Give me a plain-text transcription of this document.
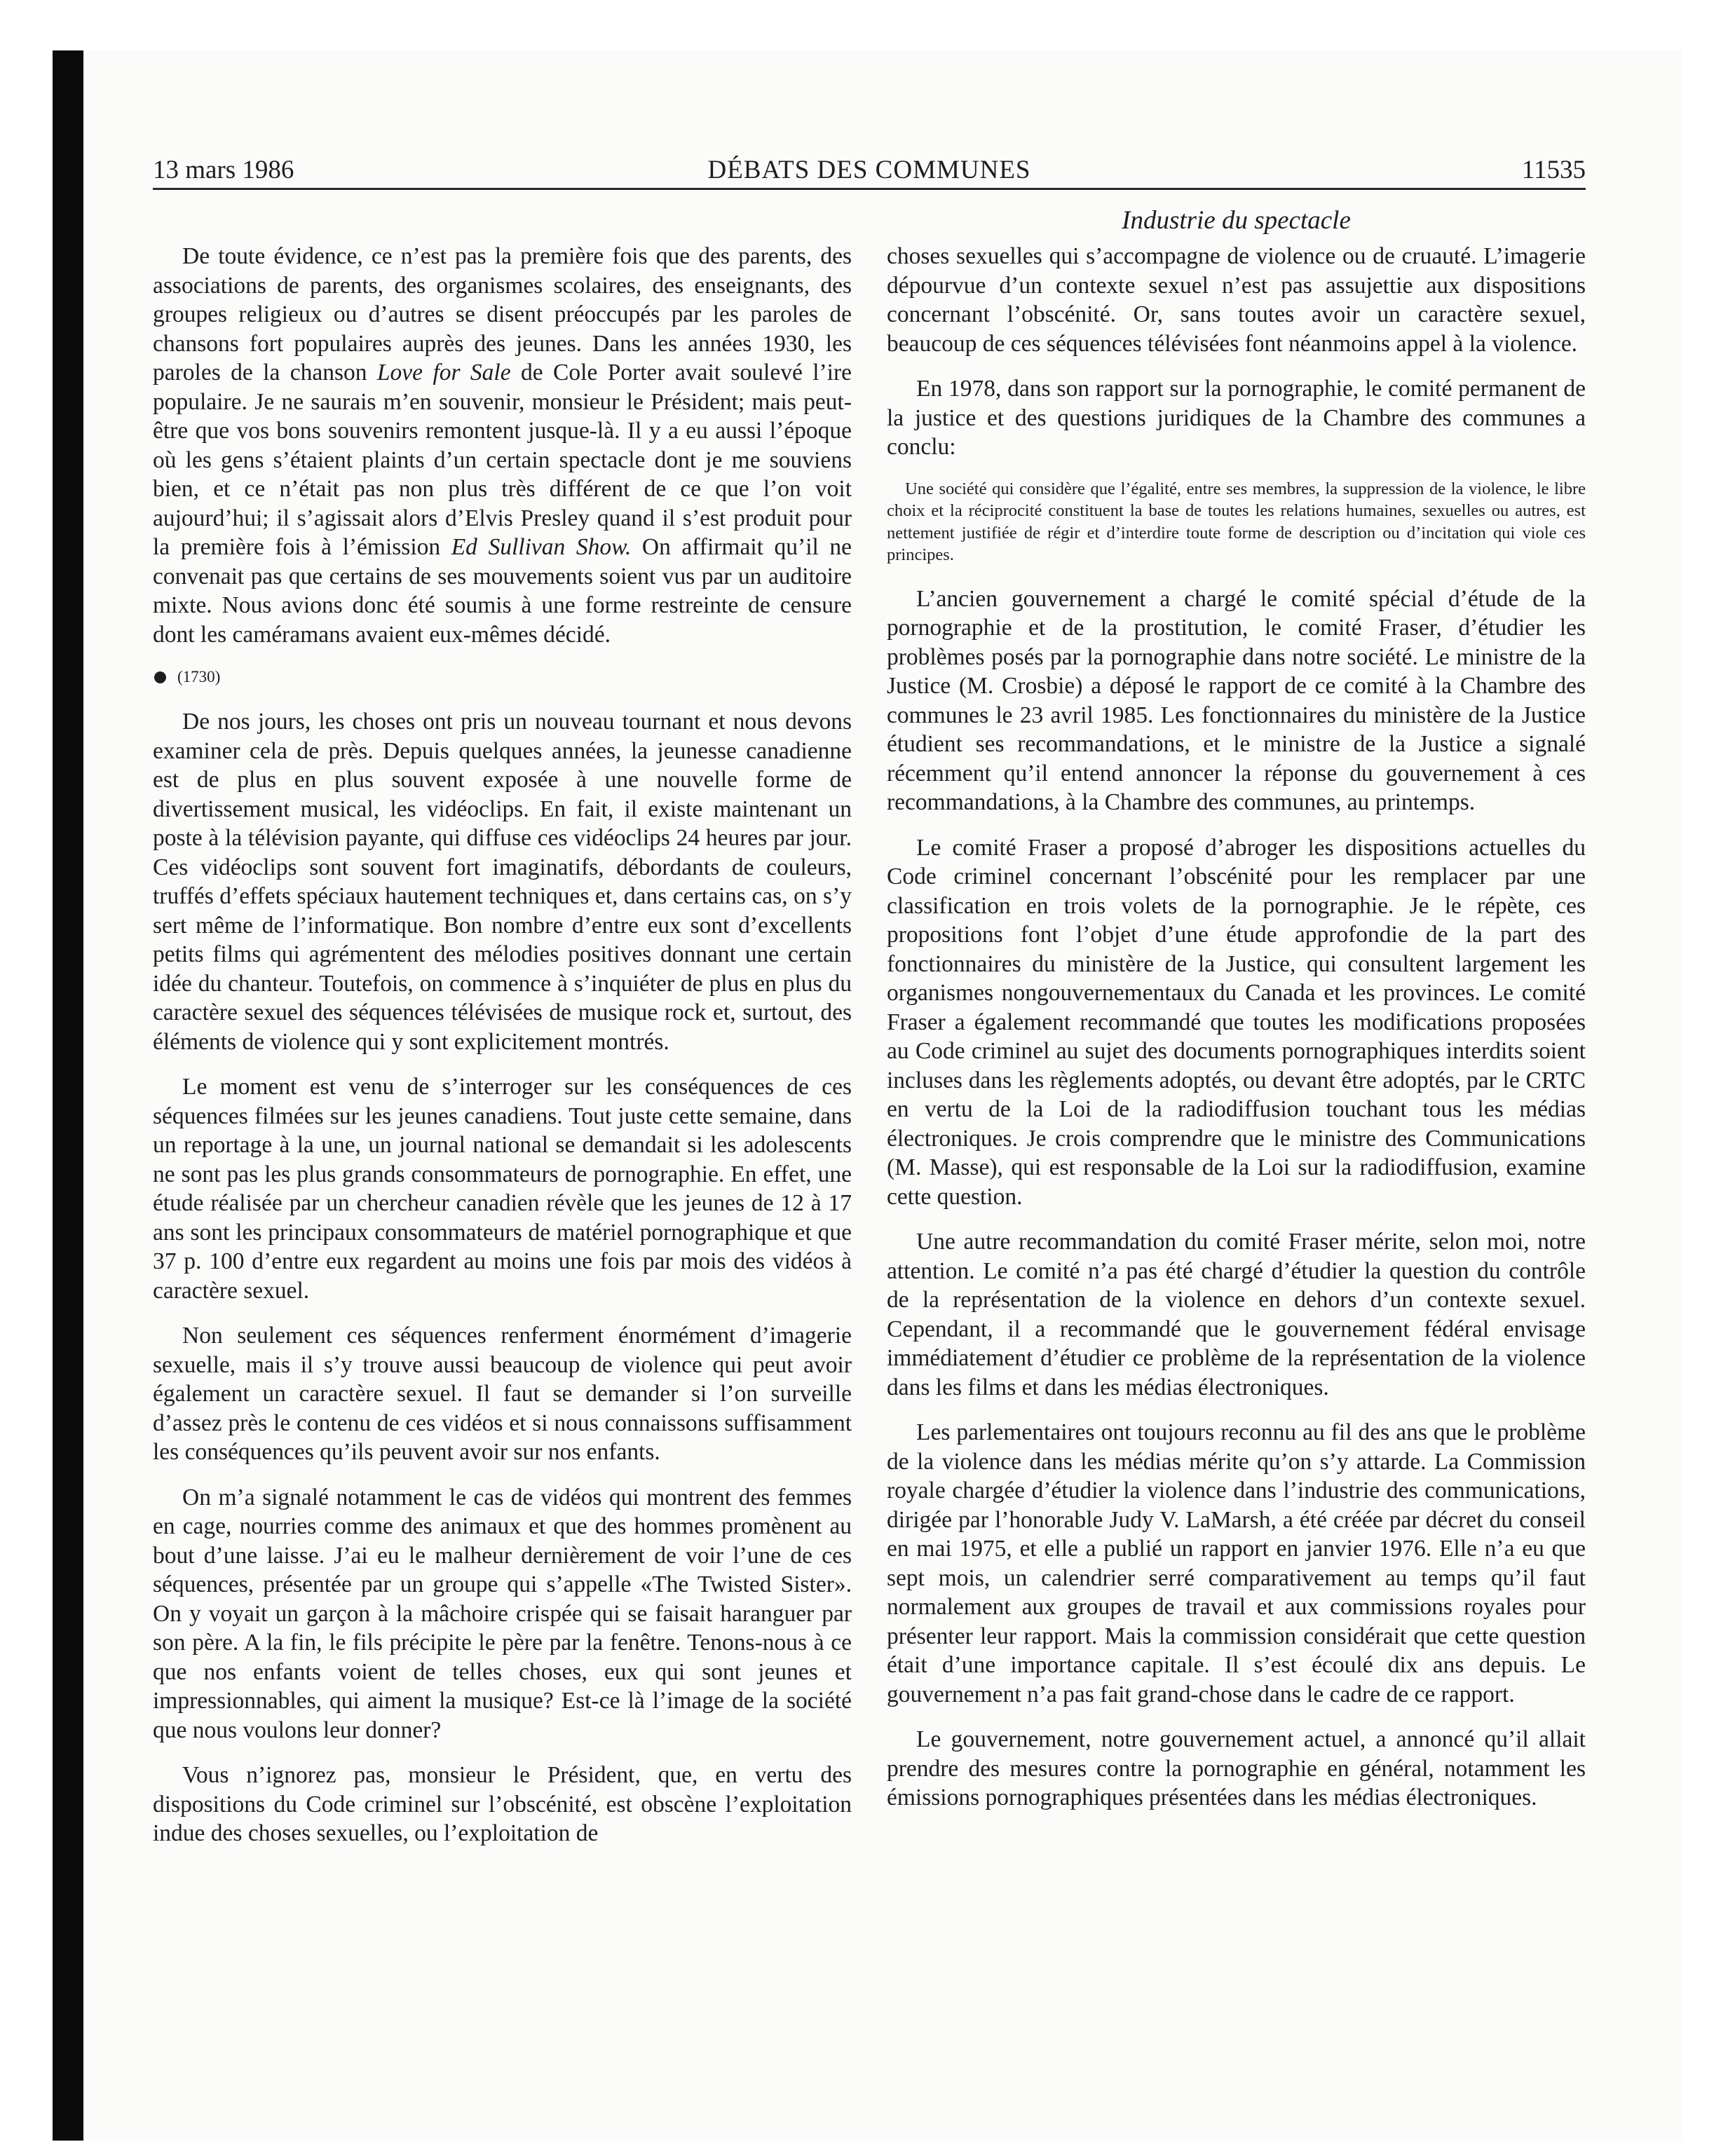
13 mars 1986	DÉBATS DES COMMUNES	11535
Industrie du spectacle

De toute évidence, ce n’est pas la première fois que des parents, des associations de parents, des organismes scolaires, des enseignants, des groupes religieux ou d’autres se disent préoccupés par les paroles de chansons fort populaires auprès des jeunes. Dans les années 1930, les paroles de la chanson Love for Sale de Cole Porter avait soulevé l’ire populaire. Je ne saurais m’en souvenir, monsieur le Président; mais peut-être que vos bons souvenirs remontent jusque-là. Il y a eu aussi l’époque où les gens s’étaient plaints d’un certain spectacle dont je me souviens bien, et ce n’était pas non plus très différent de ce que l’on voit aujourd’hui; il s’agissait alors d’Elvis Presley quand il s’est produit pour la première fois à l’émission Ed Sullivan Show. On affirmait qu’il ne convenait pas que certains de ses mouvements soient vus par un auditoire mixte. Nous avions donc été soumis à une forme restreinte de censure dont les caméramans avaient eux-mêmes décidé.

(1730)

De nos jours, les choses ont pris un nouveau tournant et nous devons examiner cela de près. Depuis quelques années, la jeunesse canadienne est de plus en plus souvent exposée à une nouvelle forme de divertissement musical, les vidéoclips. En fait, il existe maintenant un poste à la télévision payante, qui diffuse ces vidéoclips 24 heures par jour. Ces vidéoclips sont souvent fort imaginatifs, débordants de couleurs, truffés d’effets spéciaux hautement techniques et, dans certains cas, on s’y sert même de l’informatique. Bon nombre d’entre eux sont d’excellents petits films qui agrémentent des mélodies positives donnant une certain idée du chanteur. Toutefois, on commence à s’inquiéter de plus en plus du caractère sexuel des séquences télévisées de musique rock et, surtout, des éléments de violence qui y sont explicitement montrés.

Le moment est venu de s’interroger sur les conséquences de ces séquences filmées sur les jeunes canadiens. Tout juste cette semaine, dans un reportage à la une, un journal national se demandait si les adolescents ne sont pas les plus grands consommateurs de pornographie. En effet, une étude réalisée par un chercheur canadien révèle que les jeunes de 12 à 17 ans sont les principaux consommateurs de matériel pornographique et que 37 p. 100 d’entre eux regardent au moins une fois par mois des vidéos à caractère sexuel.

Non seulement ces séquences renferment énormément d’imagerie sexuelle, mais il s’y trouve aussi beaucoup de violence qui peut avoir également un caractère sexuel. Il faut se demander si l’on surveille d’assez près le contenu de ces vidéos et si nous connaissons suffisamment les conséquences qu’ils peuvent avoir sur nos enfants.

On m’a signalé notamment le cas de vidéos qui montrent des femmes en cage, nourries comme des animaux et que des hommes promènent au bout d’une laisse. J’ai eu le malheur dernièrement de voir l’une de ces séquences, présentée par un groupe qui s’appelle «The Twisted Sister». On y voyait un garçon à la mâchoire crispée qui se faisait haranguer par son père. A la fin, le fils précipite le père par la fenêtre. Tenons-nous à ce que nos enfants voient de telles choses, eux qui sont jeunes et impressionnables, qui aiment la musique? Est-ce là l’image de la société que nous voulons leur donner?

Vous n’ignorez pas, monsieur le Président, que, en vertu des dispositions du Code criminel sur l’obscénité, est obscène l’exploitation indue des choses sexuelles, ou l’exploitation de

choses sexuelles qui s’accompagne de violence ou de cruauté. L’imagerie dépourvue d’un contexte sexuel n’est pas assujettie aux dispositions concernant l’obscénité. Or, sans toutes avoir un caractère sexuel, beaucoup de ces séquences télévisées font néanmoins appel à la violence.

En 1978, dans son rapport sur la pornographie, le comité permanent de la justice et des questions juridiques de la Chambre des communes a conclu:

Une société qui considère que l’égalité, entre ses membres, la suppression de la violence, le libre choix et la réciprocité constituent la base de toutes les relations humaines, sexuelles ou autres, est nettement justifiée de régir et d’interdire toute forme de description ou d’incitation qui viole ces principes.

L’ancien gouvernement a chargé le comité spécial d’étude de la pornographie et de la prostitution, le comité Fraser, d’étudier les problèmes posés par la pornographie dans notre société. Le ministre de la Justice (M. Crosbie) a déposé le rapport de ce comité à la Chambre des communes le 23 avril 1985. Les fonctionnaires du ministère de la Justice étudient ses recommandations, et le ministre de la Justice a signalé récemment qu’il entend annoncer la réponse du gouvernement à ces recommandations, à la Chambre des communes, au printemps.

Le comité Fraser a proposé d’abroger les dispositions actuelles du Code criminel concernant l’obscénité pour les remplacer par une classification en trois volets de la pornographie. Je le répète, ces propositions font l’objet d’une étude approfondie de la part des fonctionnaires du ministère de la Justice, qui consultent largement les organismes nongouvernementaux du Canada et les provinces. Le comité Fraser a également recommandé que toutes les modifications proposées au Code criminel au sujet des documents pornographiques interdits soient incluses dans les règlements adoptés, ou devant être adoptés, par le CRTC en vertu de la Loi de la radiodiffusion touchant tous les médias électroniques. Je crois comprendre que le ministre des Communications (M. Masse), qui est responsable de la Loi sur la radiodiffusion, examine cette question.

Une autre recommandation du comité Fraser mérite, selon moi, notre attention. Le comité n’a pas été chargé d’étudier la question du contrôle de la représentation de la violence en dehors d’un contexte sexuel. Cependant, il a recommandé que le gouvernement fédéral envisage immédiatement d’étudier ce problème de la représentation de la violence dans les films et dans les médias électroniques.

Les parlementaires ont toujours reconnu au fil des ans que le problème de la violence dans les médias mérite qu’on s’y attarde. La Commission royale chargée d’étudier la violence dans l’industrie des communications, dirigée par l’honorable Judy V. LaMarsh, a été créée par décret du conseil en mai 1975, et elle a publié un rapport en janvier 1976. Elle n’a eu que sept mois, un calendrier serré comparativement au temps qu’il faut normalement aux groupes de travail et aux commissions royales pour présenter leur rapport. Mais la commission considérait que cette question était d’une importance capitale. Il s’est écoulé dix ans depuis. Le gouvernement n’a pas fait grand-chose dans le cadre de ce rapport.

Le gouvernement, notre gouvernement actuel, a annoncé qu’il allait prendre des mesures contre la pornographie en général, notamment les émissions pornographiques présentées dans les médias électroniques.
